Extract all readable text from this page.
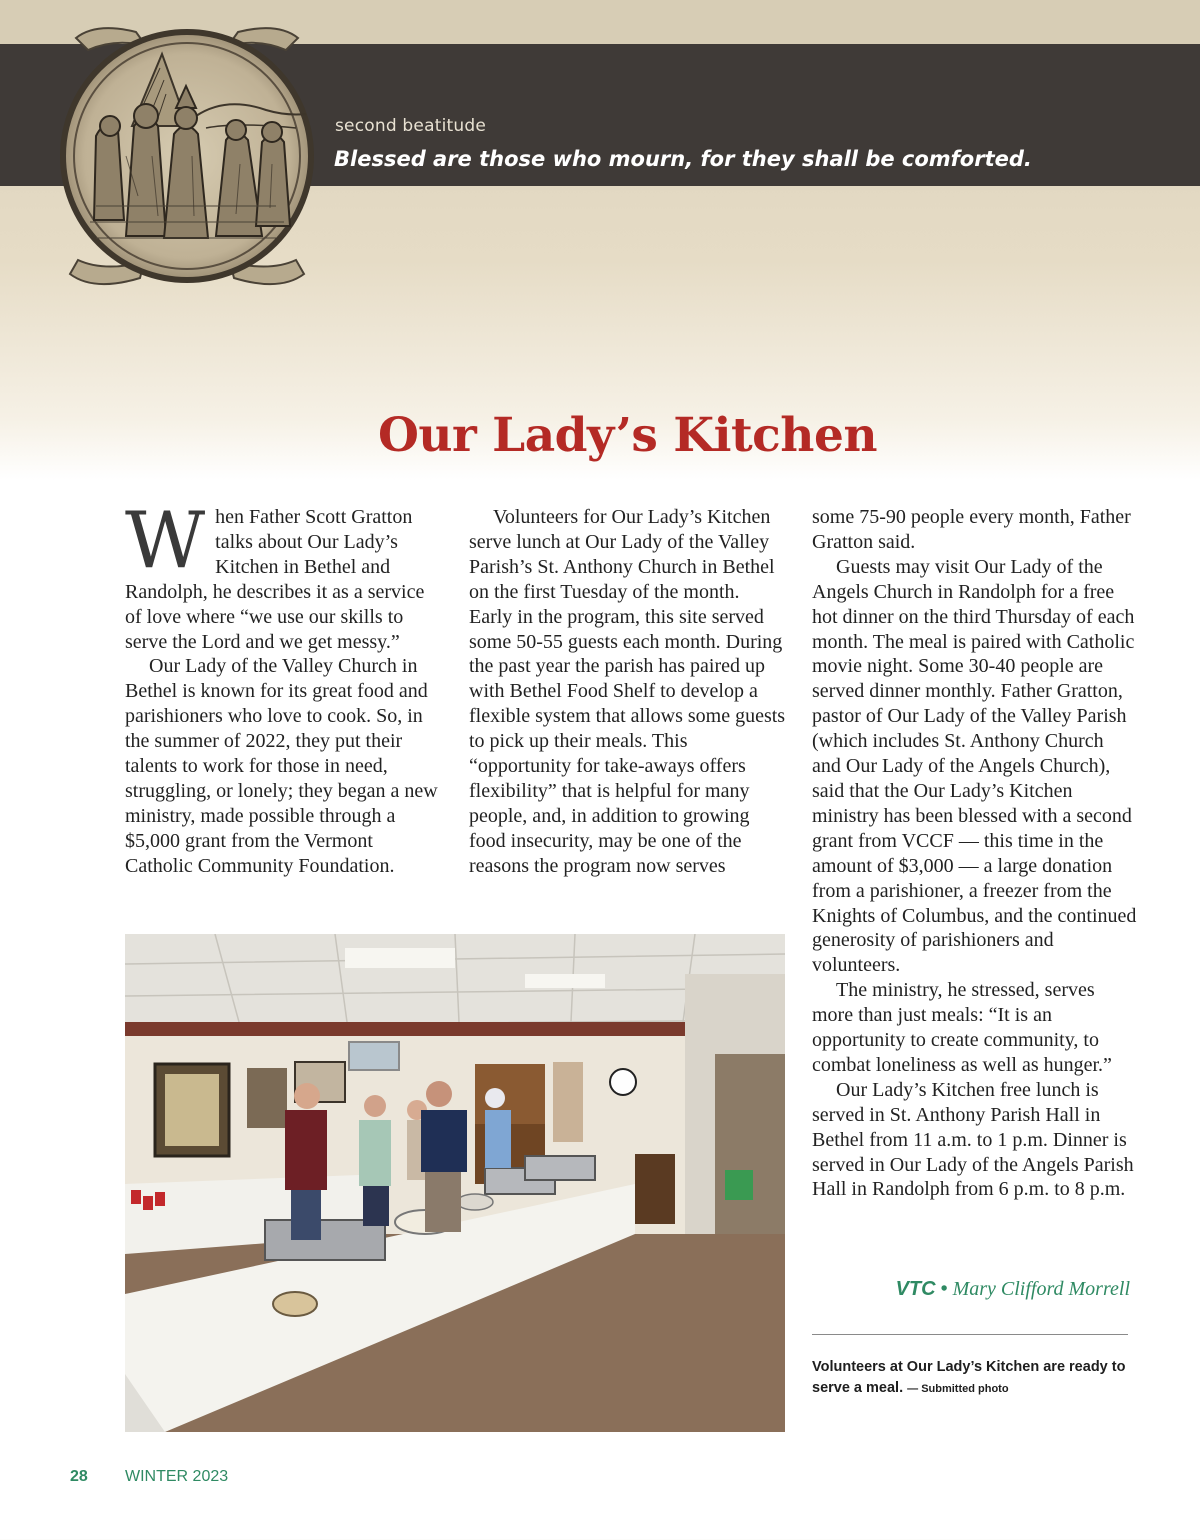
second beatitude
Blessed are those who mourn, for they shall be comforted.
Our Lady’s Kitchen

When Father Scott Gratton talks about Our Lady’s Kitchen in Bethel and Randolph, he describes it as a service of love where “we use our skills to serve the Lord and we get messy.”

Our Lady of the Valley Church in Bethel is known for its great food and parishioners who love to cook. So, in the summer of 2022, they put their talents to work for those in need, struggling, or lonely; they began a new ministry, made possible through a $5,000 grant from the Vermont Catholic Community Foundation.

Volunteers for Our Lady’s Kitchen serve lunch at Our Lady of the Valley Parish’s St. Anthony Church in Bethel on the first Tuesday of the month. Early in the program, this site served some 50-55 guests each month. During the past year the parish has paired up with Bethel Food Shelf to develop a flexible system that allows some guests to pick up their meals. This “opportunity for take-aways offers flexibility” that is helpful for many people, and, in addition to growing food insecurity, may be one of the reasons the program now serves

some 75-90 people every month, Father Gratton said.

Guests may visit Our Lady of the Angels Church in Randolph for a free hot dinner on the third Thursday of each month. The meal is paired with Catholic movie night. Some 30-40 people are served dinner monthly. Father Gratton, pastor of Our Lady of the Valley Parish (which includes St. Anthony Church and Our Lady of the Angels Church), said that the Our Lady’s Kitchen ministry has been blessed with a second grant from VCCF — this time in the amount of $3,000 — a large donation from a parishioner, a freezer from the Knights of Columbus, and the continued generosity of parishioners and volunteers.

The ministry, he stressed, serves more than just meals: “It is an opportunity to create community, to combat loneliness as well as hunger.”

Our Lady’s Kitchen free lunch is served in St. Anthony Parish Hall in Bethel from 11 a.m. to 1 p.m. Dinner is served in Our Lady of the Angels Parish Hall in Randolph from 6 p.m. to 8 p.m.

VTC • Mary Clifford Morrell
Volunteers at Our Lady’s Kitchen are ready to serve a meal. — Submitted photo
28 WINTER 2023
